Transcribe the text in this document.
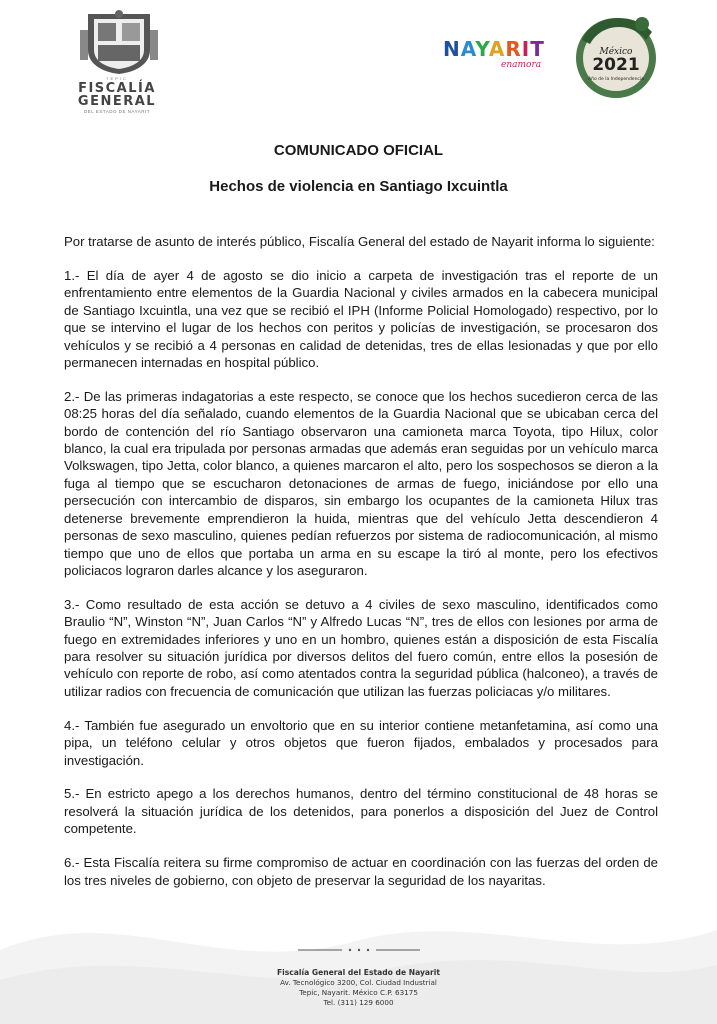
TEPIC
FISCALÍA
GENERAL
DEL ESTADO DE NAYARIT
NAYARIT
enamora
México
2021
Año de la Independencia
COMUNICADO OFICIAL
Hechos de violencia en Santiago Ixcuintla

Por tratarse de asunto de interés público, Fiscalía General del estado de Nayarit informa lo siguiente:

1.- El día de ayer 4 de agosto se dio inicio a carpeta de investigación tras el reporte de un enfrentamiento entre elementos de la Guardia Nacional y civiles armados en la cabecera municipal de Santiago Ixcuintla, una vez que se recibió el IPH (Informe Policial Homologado) respectivo, por lo que se intervino el lugar de los hechos con peritos y policías de investigación, se procesaron dos vehículos y se recibió a 4 personas en calidad de detenidas, tres de ellas lesionadas y que por ello permanecen internadas en hospital público.

2.- De las primeras indagatorias a este respecto, se conoce que los hechos sucedieron cerca de las 08:25 horas del día señalado, cuando elementos de la Guardia Nacional que se ubicaban cerca del bordo de contención del río Santiago observaron una camioneta marca Toyota, tipo Hilux, color blanco, la cual era tripulada por personas armadas que además eran seguidas por un vehículo marca Volkswagen, tipo Jetta, color blanco, a quienes marcaron el alto, pero los sospechosos se dieron a la fuga al tiempo que se escucharon detonaciones de armas de fuego, iniciándose por ello una persecución con intercambio de disparos, sin embargo los ocupantes de la camioneta Hilux tras detenerse brevemente emprendieron la huida, mientras que del vehículo Jetta descendieron 4 personas de sexo masculino, quienes pedían refuerzos por sistema de radiocomunicación, al mismo tiempo que uno de ellos que portaba un arma en su escape la tiró al monte, pero los efectivos policiacos lograron darles alcance y los aseguraron.

3.- Como resultado de esta acción se detuvo a 4 civiles de sexo masculino, identificados como Braulio “N”, Winston “N”, Juan Carlos “N” y Alfredo Lucas “N”, tres de ellos con lesiones por arma de fuego en extremidades inferiores y uno en un hombro, quienes están a disposición de esta Fiscalía para resolver su situación jurídica por diversos delitos del fuero común, entre ellos la posesión de vehículo con reporte de robo, así como atentados contra la seguridad pública (halconeo), a través de utilizar radios con frecuencia de comunicación que utilizan las fuerzas policiacas y/o militares.

4.- También fue asegurado un envoltorio que en su interior contiene metanfetamina, así como una pipa, un teléfono celular y otros objetos que fueron fijados, embalados y procesados para investigación.

5.- En estricto apego a los derechos humanos, dentro del término constitucional de 48 horas se resolverá la situación jurídica de los detenidos, para ponerlos a disposición del Juez de Control competente.

6.- Esta Fiscalía reitera su firme compromiso de actuar en coordinación con las fuerzas del orden de los tres niveles de gobierno, con objeto de preservar la seguridad de los nayaritas.

Fiscalía General del Estado de Nayarit
Av. Tecnológico 3200, Col. Ciudad Industrial
Tepic, Nayarit. México C.P. 63175
Tel. (311) 129 6000
